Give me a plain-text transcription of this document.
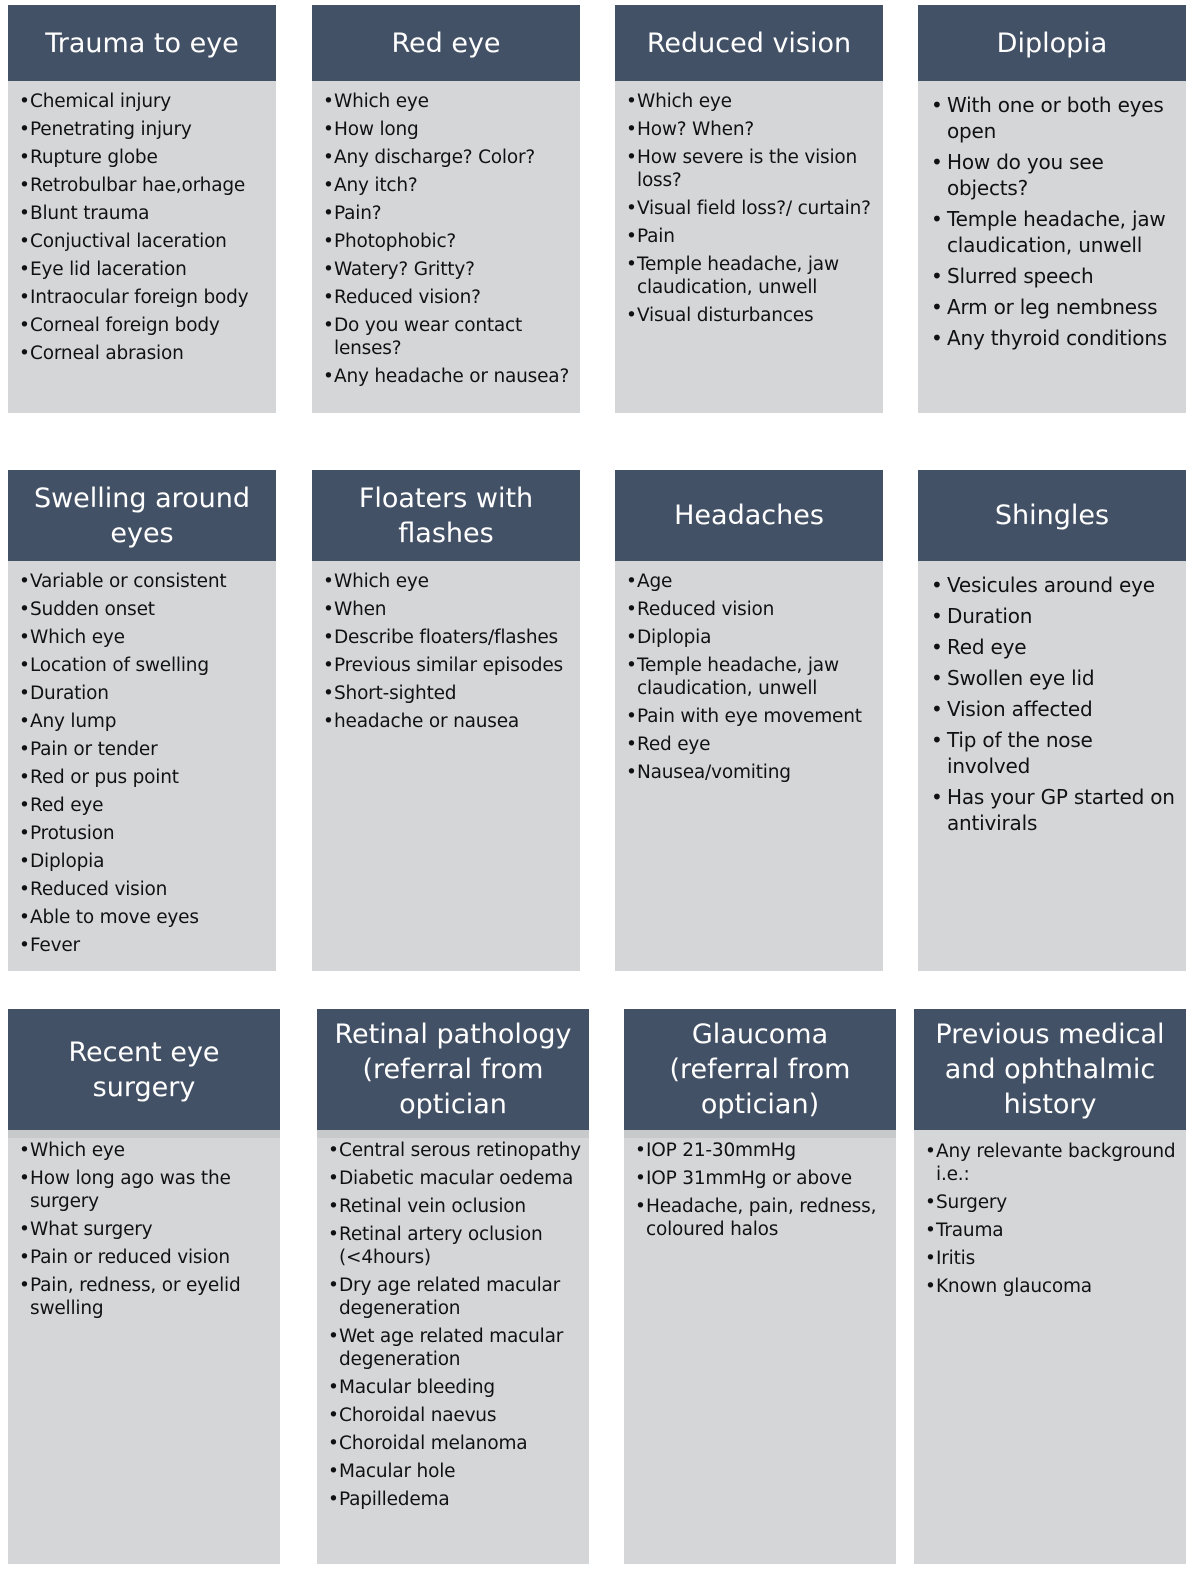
Trauma to eye
• Chemical injury
• Penetrating injury
• Rupture globe
• Retrobulbar hae,orhage
• Blunt trauma
• Conjuctival laceration
• Eye lid laceration
• Intraocular foreign body
• Corneal foreign body
• Corneal abrasion
Red eye
• Which eye
• How long
• Any discharge? Color?
• Any itch?
• Pain?
• Photophobic?
• Watery? Gritty?
• Reduced vision?
• Do you wear contact lenses?
• Any headache or nausea?
Reduced vision
• Which eye
• How? When?
• How severe is the vision loss?
• Visual field loss?/ curtain?
• Pain
• Temple headache, jaw claudication, unwell
• Visual disturbances
Diplopia
• With one or both eyes open
• How do you see objects?
• Temple headache, jaw claudication, unwell
• Slurred speech
• Arm or leg nembness
• Any thyroid conditions
Swelling around eyes
• Variable or consistent
• Sudden onset
• Which eye
• Location of swelling
• Duration
• Any lump
• Pain or tender
• Red or pus point
• Red eye
• Protusion
• Diplopia
• Reduced vision
• Able to move eyes
• Fever
Floaters with flashes
• Which eye
• When
• Describe floaters/flashes
• Previous similar episodes
• Short-sighted
• headache or nausea
Headaches
• Age
• Reduced vision
• Diplopia
• Temple headache, jaw claudication, unwell
• Pain with eye movement
• Red eye
• Nausea/vomiting
Shingles
• Vesicules around eye
• Duration
• Red eye
• Swollen eye lid
• Vision affected
• Tip of the nose involved
• Has your GP started on antivirals
Recent eye surgery
• Which eye
• How long ago was the surgery
• What surgery
• Pain or reduced vision
• Pain, redness, or eyelid swelling
Retinal pathology (referral from optician
• Central serous retinopathy
• Diabetic macular oedema
• Retinal vein oclusion
• Retinal artery oclusion (<4hours)
• Dry age related macular degeneration
• Wet age related macular degeneration
• Macular bleeding
• Choroidal naevus
• Choroidal melanoma
• Macular hole
• Papilledema
Glaucoma (referral from optician)
• IOP 21-30mmHg
• IOP 31mmHg or above
• Headache, pain, redness, coloured halos
Previous medical and ophthalmic history
• Any relevante background i.e.:
• Surgery
• Trauma
• Iritis
• Known glaucoma
